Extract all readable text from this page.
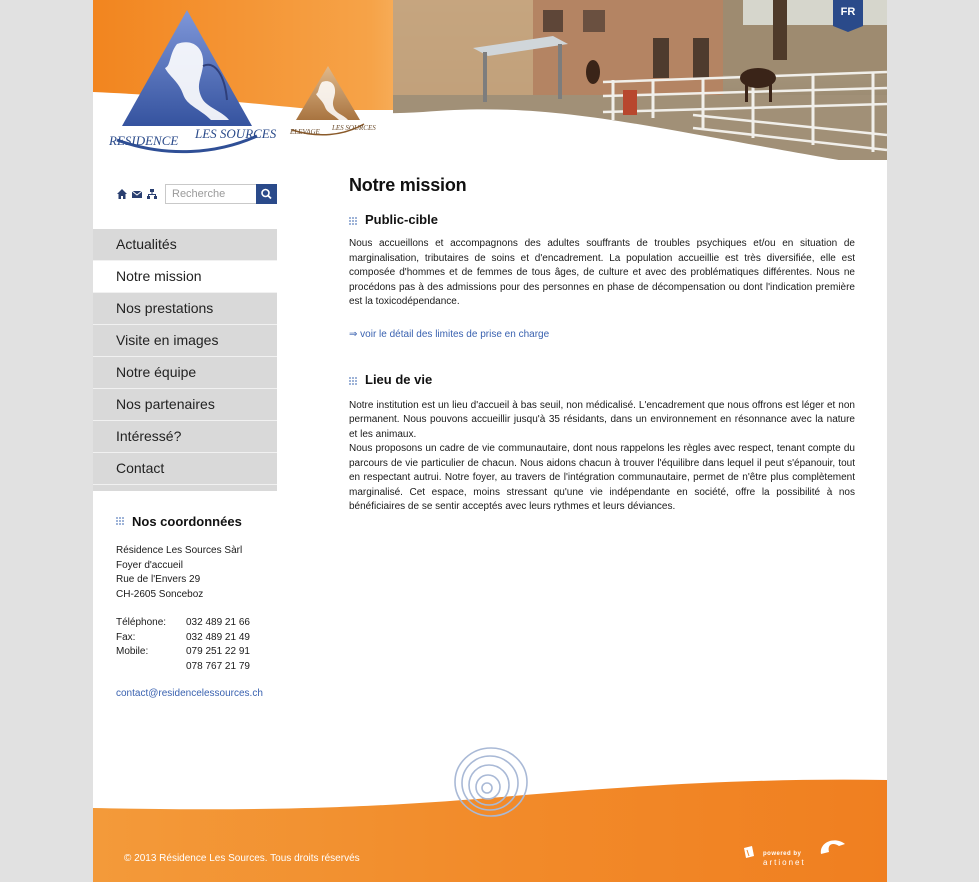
FR
RESIDENCE LES SOURCES ELEVAGE LES SOURCES
Recherche
Actualités
Notre mission
Nos prestations
Visite en images
Notre équipe
Nos partenaires
Intéressé?
Contact
Nos coordonnées
Résidence Les Sources Sàrl
Foyer d'accueil
Rue de l'Envers 29
CH-2605 Sonceboz
Téléphone:	032 489 21 66
Fax:	032 489 21 49
Mobile:	079 251 22 91
078 767 21 79
contact@residencelessources.ch
Notre mission
Public-cible

Nous accueillons et accompagnons des adultes souffrants de troubles psychiques et/ou en situation de marginalisation, tributaires de soins et d'encadrement. La population accueillie est très diversifiée, elle est composée d'hommes et de femmes de tous âges, de culture et avec des problématiques différentes. Nous ne procédons pas à des admissions pour des personnes en phase de décompensation ou dont l'indication première est la toxicodépendance.

⇒ voir le détail des limites de prise en charge
Lieu de vie

Notre institution est un lieu d'accueil à bas seuil, non médicalisé. L'encadrement que nous offrons est léger et non permanent. Nous pouvons accueillir jusqu'à 35 résidants, dans un environnement en résonnance avec la nature et les animaux.

Nous proposons un cadre de vie communautaire, dont nous rappelons les règles avec respect, tenant compte du parcours de vie particulier de chacun. Nous aidons chacun à trouver l'équilibre dans lequel il peut s'épanouir, tout en respectant autrui. Notre foyer, au travers de l'intégration communautaire, permet de n'être plus complètement marginalisé. Cet espace, moins stressant qu'une vie indépendante en société, offre la possibilité à nos bénéficiaires de se sentir acceptés avec leurs rythmes et leurs déviances.

© 2013 Résidence Les Sources. Tous droits réservés	powered by
artionet
